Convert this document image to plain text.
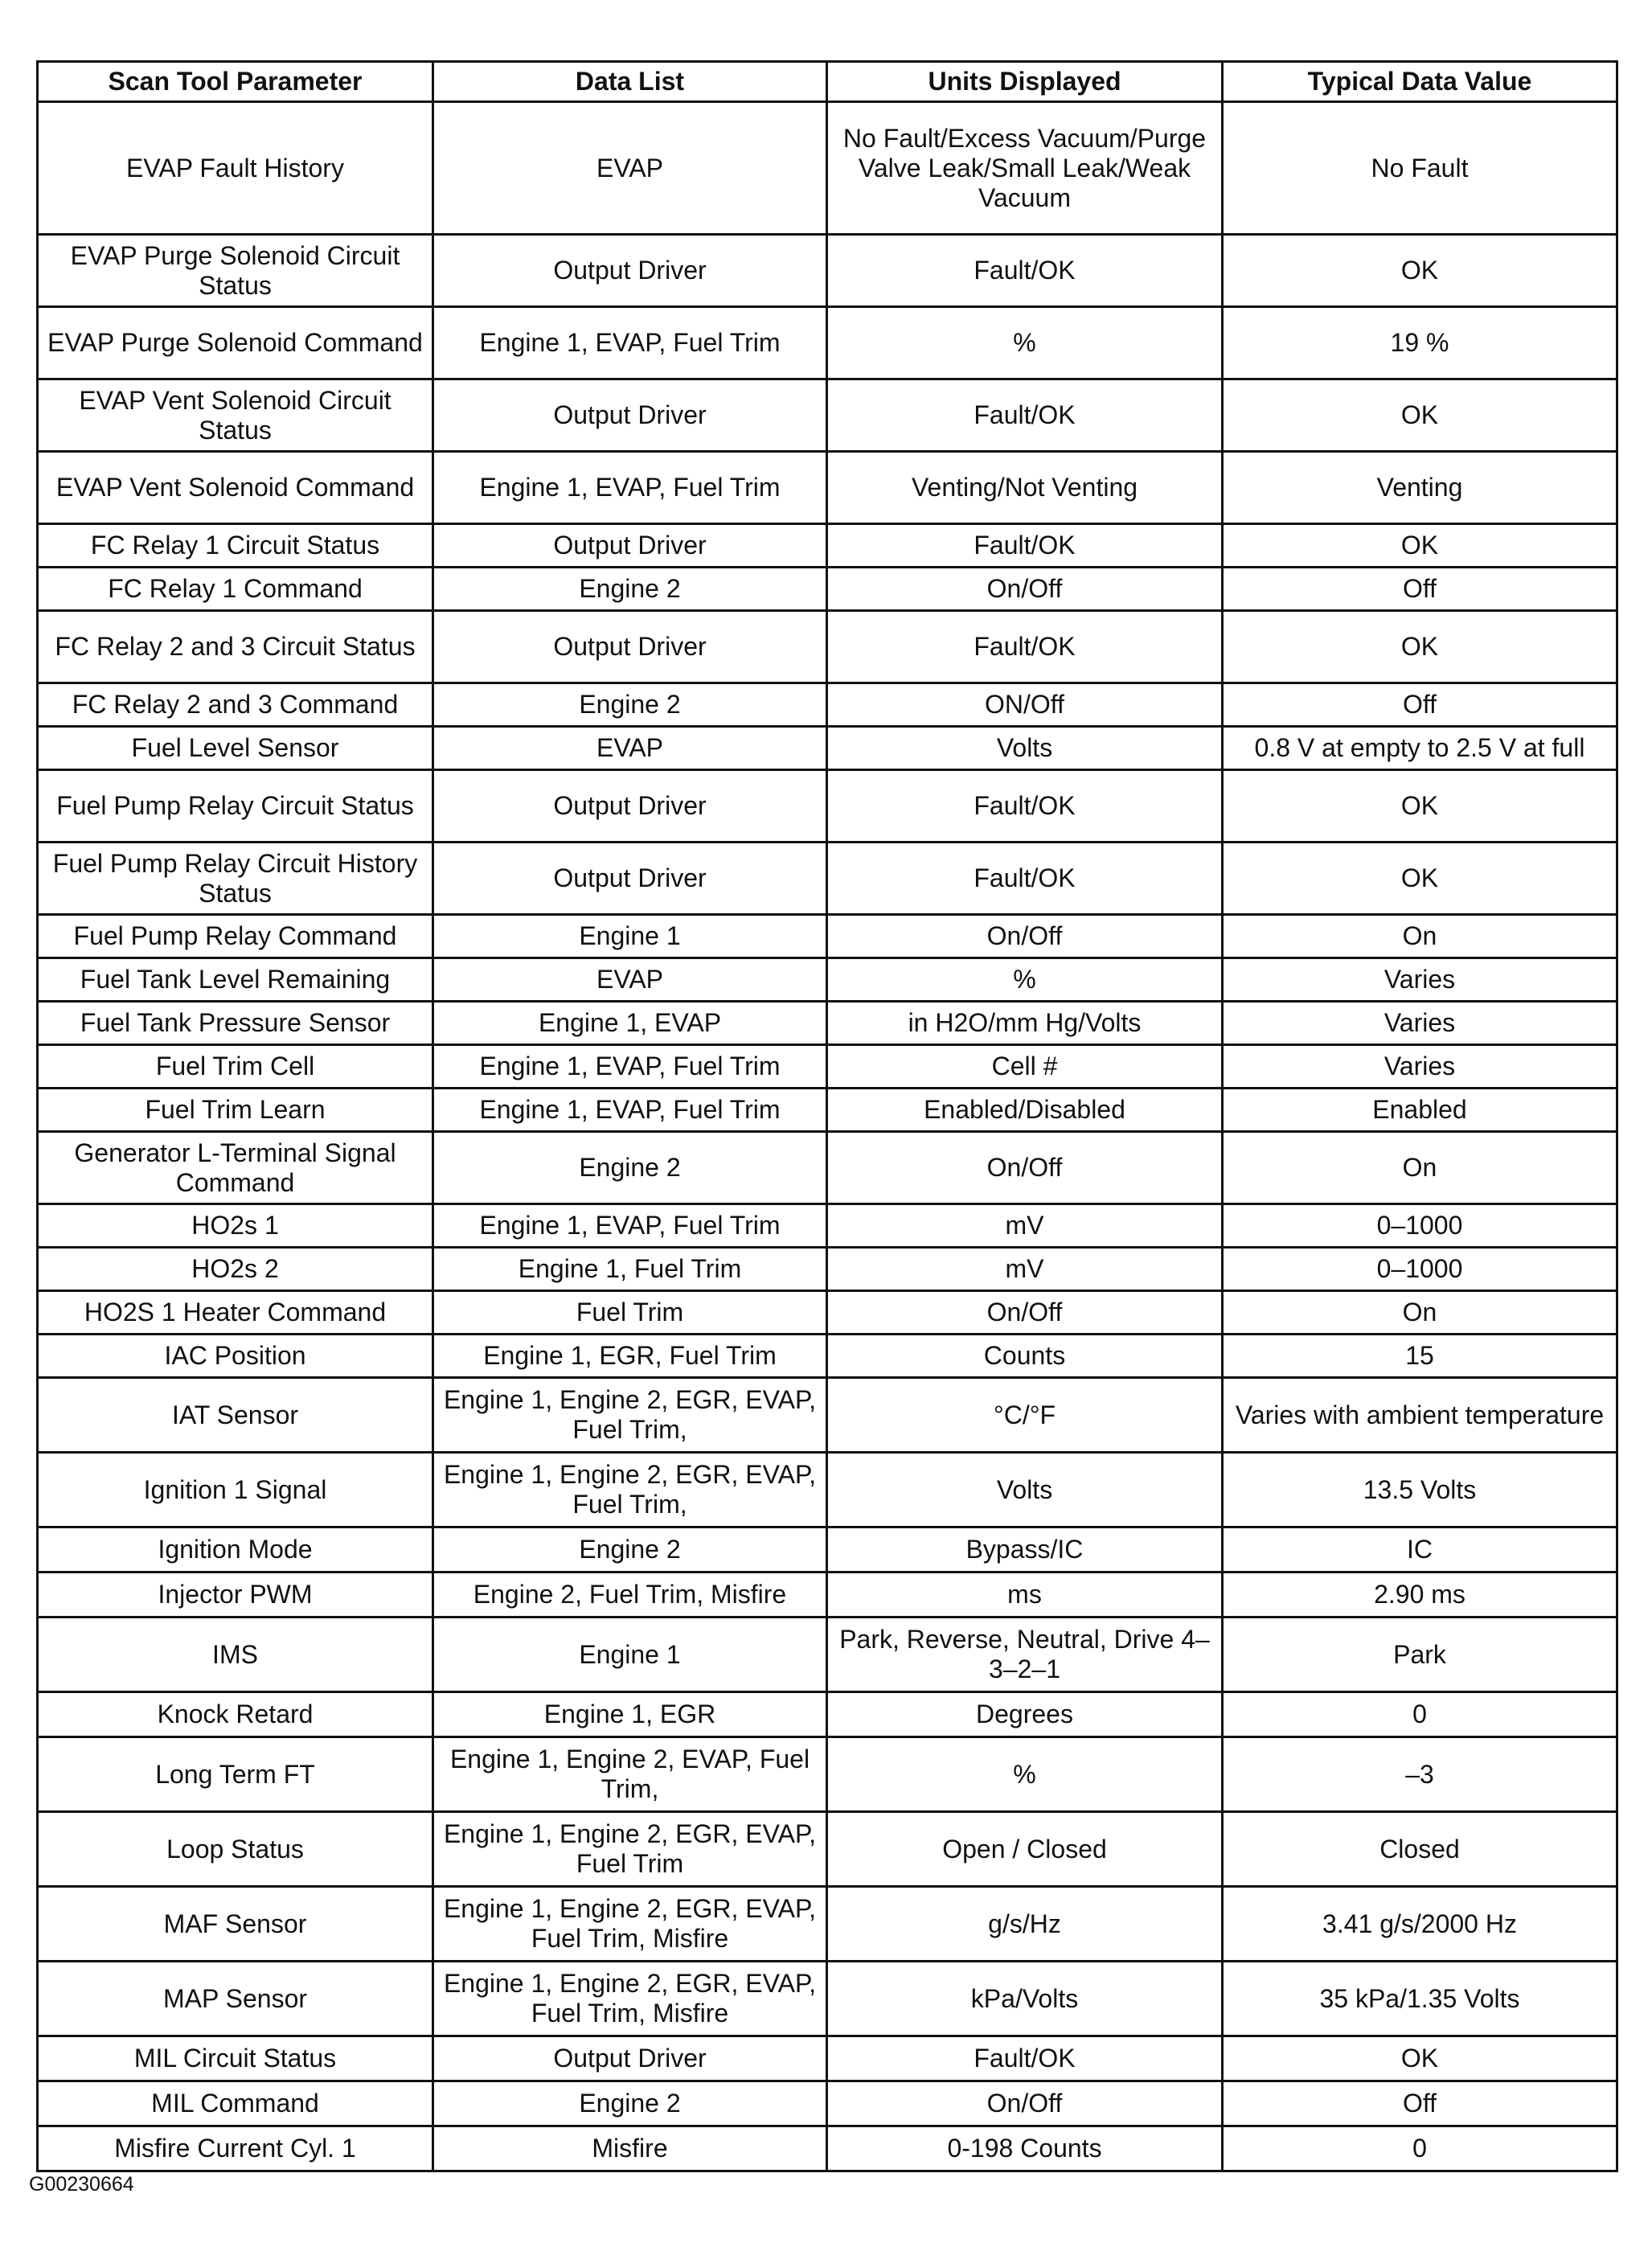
Scan Tool Parameter	Data List	Units Displayed	Typical Data Value
EVAP Fault History	EVAP	No Fault/Excess Vacuum/Purge Valve Leak/Small Leak/Weak Vacuum	No Fault
EVAP Purge Solenoid Circuit Status	Output Driver	Fault/OK	OK
EVAP Purge Solenoid Command	Engine 1, EVAP, Fuel Trim	%	19 %
EVAP Vent Solenoid Circuit Status	Output Driver	Fault/OK	OK
EVAP Vent Solenoid Command	Engine 1, EVAP, Fuel Trim	Venting/Not Venting	Venting
FC Relay 1 Circuit Status	Output Driver	Fault/OK	OK
FC Relay 1 Command	Engine 2	On/Off	Off
FC Relay 2 and 3 Circuit Status	Output Driver	Fault/OK	OK
FC Relay 2 and 3 Command	Engine 2	ON/Off	Off
Fuel Level Sensor	EVAP	Volts	0.8 V at empty to 2.5 V at full
Fuel Pump Relay Circuit Status	Output Driver	Fault/OK	OK
Fuel Pump Relay Circuit History Status	Output Driver	Fault/OK	OK
Fuel Pump Relay Command	Engine 1	On/Off	On
Fuel Tank Level Remaining	EVAP	%	Varies
Fuel Tank Pressure Sensor	Engine 1, EVAP	in H2O/mm Hg/Volts	Varies
Fuel Trim Cell	Engine 1, EVAP, Fuel Trim	Cell #	Varies
Fuel Trim Learn	Engine 1, EVAP, Fuel Trim	Enabled/Disabled	Enabled
Generator L-Terminal Signal Command	Engine 2	On/Off	On
HO2s 1	Engine 1, EVAP, Fuel Trim	mV	0–1000
HO2s 2	Engine 1, Fuel Trim	mV	0–1000
HO2S 1 Heater Command	Fuel Trim	On/Off	On
IAC Position	Engine 1, EGR, Fuel Trim	Counts	15
IAT Sensor	Engine 1, Engine 2, EGR, EVAP, Fuel Trim,	°C/°F	Varies with ambient temperature
Ignition 1 Signal	Engine 1, Engine 2, EGR, EVAP, Fuel Trim,	Volts	13.5 Volts
Ignition Mode	Engine 2	Bypass/IC	IC
Injector PWM	Engine 2, Fuel Trim, Misfire	ms	2.90 ms
IMS	Engine 1	Park, Reverse, Neutral, Drive 4–3–2–1	Park
Knock Retard	Engine 1, EGR	Degrees	0
Long Term FT	Engine 1, Engine 2, EVAP, Fuel Trim,	%	–3
Loop Status	Engine 1, Engine 2, EGR, EVAP, Fuel Trim	Open / Closed	Closed
MAF Sensor	Engine 1, Engine 2, EGR, EVAP, Fuel Trim, Misfire	g/s/Hz	3.41 g/s/2000 Hz
MAP Sensor	Engine 1, Engine 2, EGR, EVAP, Fuel Trim, Misfire	kPa/Volts	35 kPa/1.35 Volts
MIL Circuit Status	Output Driver	Fault/OK	OK
MIL Command	Engine 2	On/Off	Off
Misfire Current Cyl. 1	Misfire	0-198 Counts	0
G00230664
